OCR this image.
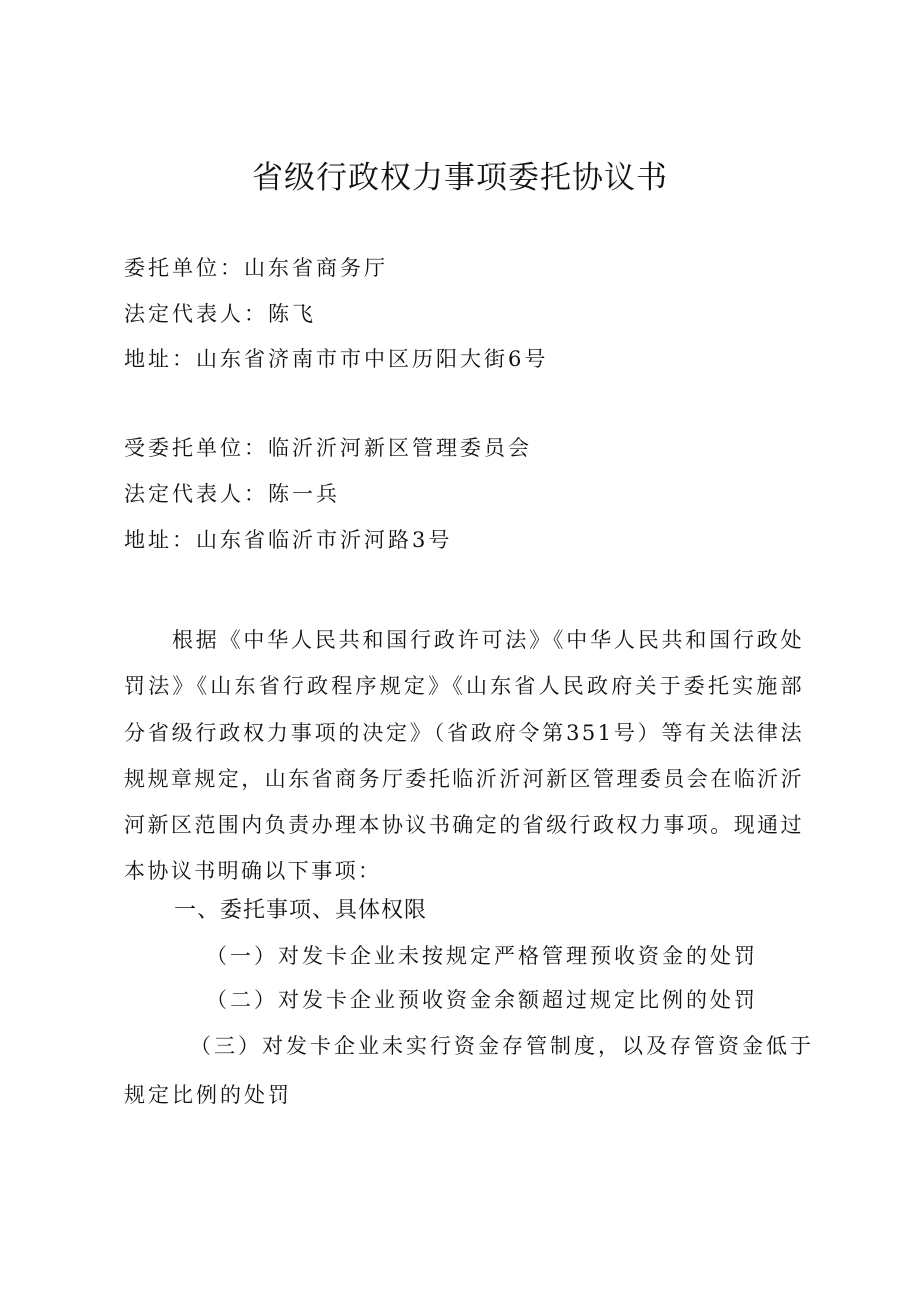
省级行政权力事项委托协议书
委托单位：山东省商务厅
法定代表人：陈飞
地址：山东省济南市市中区历阳大街6号
受委托单位：临沂沂河新区管理委员会
法定代表人：陈一兵
地址：山东省临沂市沂河路3号
根据《中华人民共和国行政许可法》《中华人民共和国行政处罚法》《山东省行政程序规定》《山东省人民政府关于委托实施部分省级行政权力事项的决定》（省政府令第351号）等有关法律法规规章规定，山东省商务厅委托临沂沂河新区管理委员会在临沂沂河新区范围内负责办理本协议书确定的省级行政权力事项。现通过本协议书明确以下事项：
一、委托事项、具体权限
（一）对发卡企业未按规定严格管理预收资金的处罚
（二）对发卡企业预收资金余额超过规定比例的处罚
（三）对发卡企业未实行资金存管制度，以及存管资金低于
规定比例的处罚
